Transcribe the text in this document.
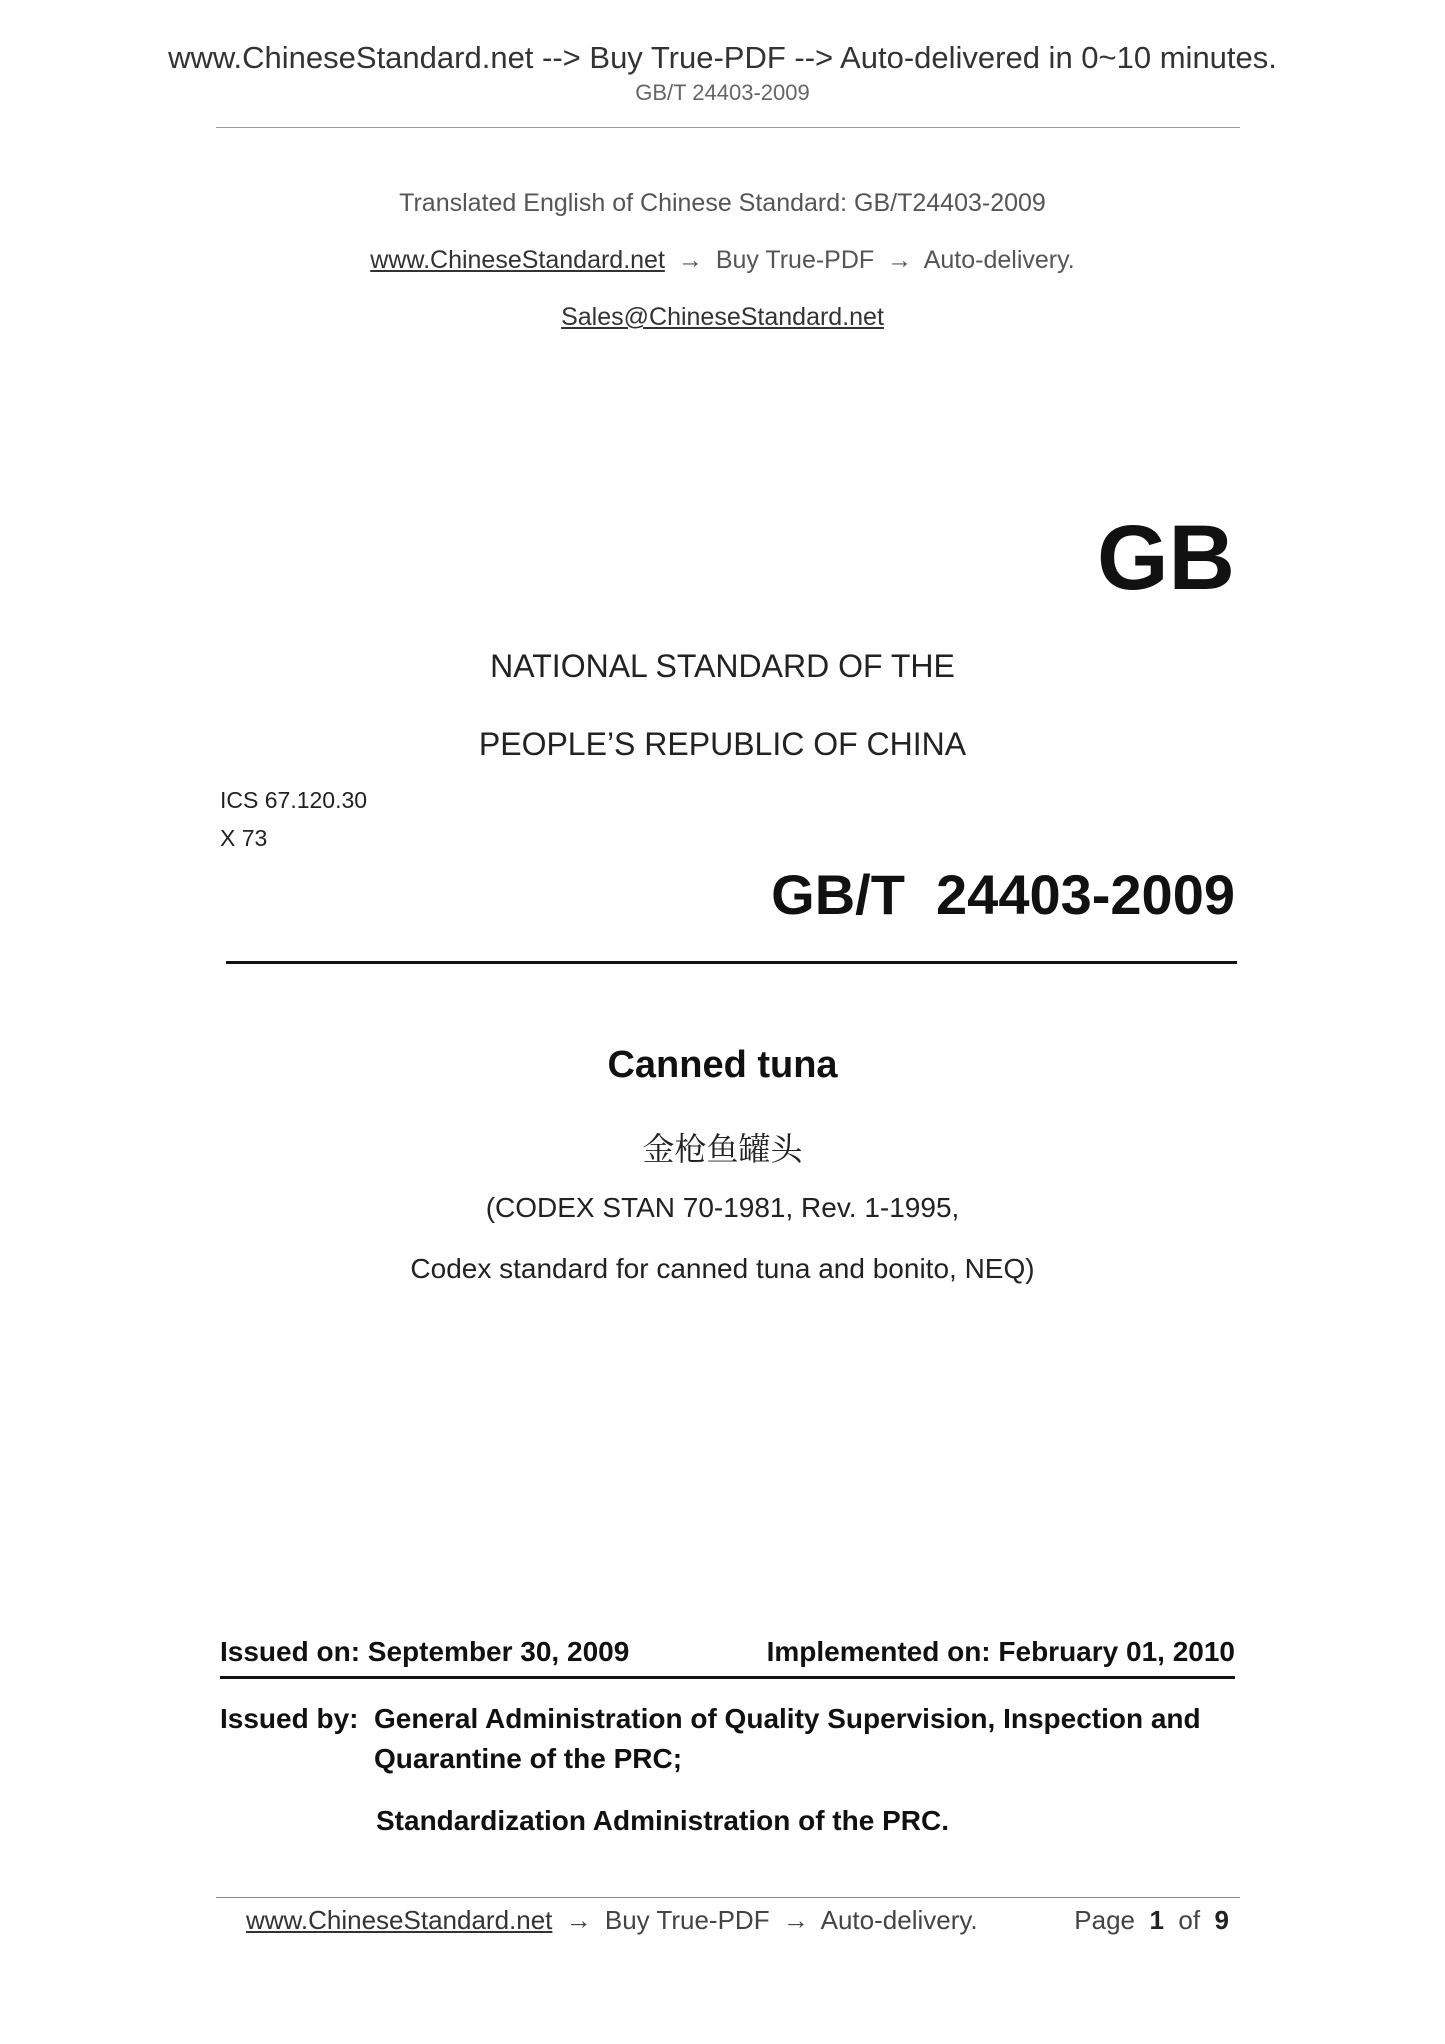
www.ChineseStandard.net --> Buy True-PDF --> Auto-delivered in 0~10 minutes.
GB/T 24403-2009
Translated English of Chinese Standard: GB/T24403-2009
www.ChineseStandard.net → Buy True-PDF → Auto-delivery.
Sales@ChineseStandard.net
GB
NATIONAL STANDARD OF THE
PEOPLE’S REPUBLIC OF CHINA
ICS 67.120.30
X 73
GB/T  24403-2009
Canned tuna
金枪鱼罐头
(CODEX STAN 70-1981, Rev. 1-1995,
Codex standard for canned tuna and bonito, NEQ)
Issued on: September 30, 2009	Implemented on: February 01, 2010
Issued by: General Administration of Quality Supervision, Inspection and
Quarantine of the PRC;
Standardization Administration of the PRC.
www.ChineseStandard.net → Buy True-PDF → Auto-delivery.	Page 1 of 9
